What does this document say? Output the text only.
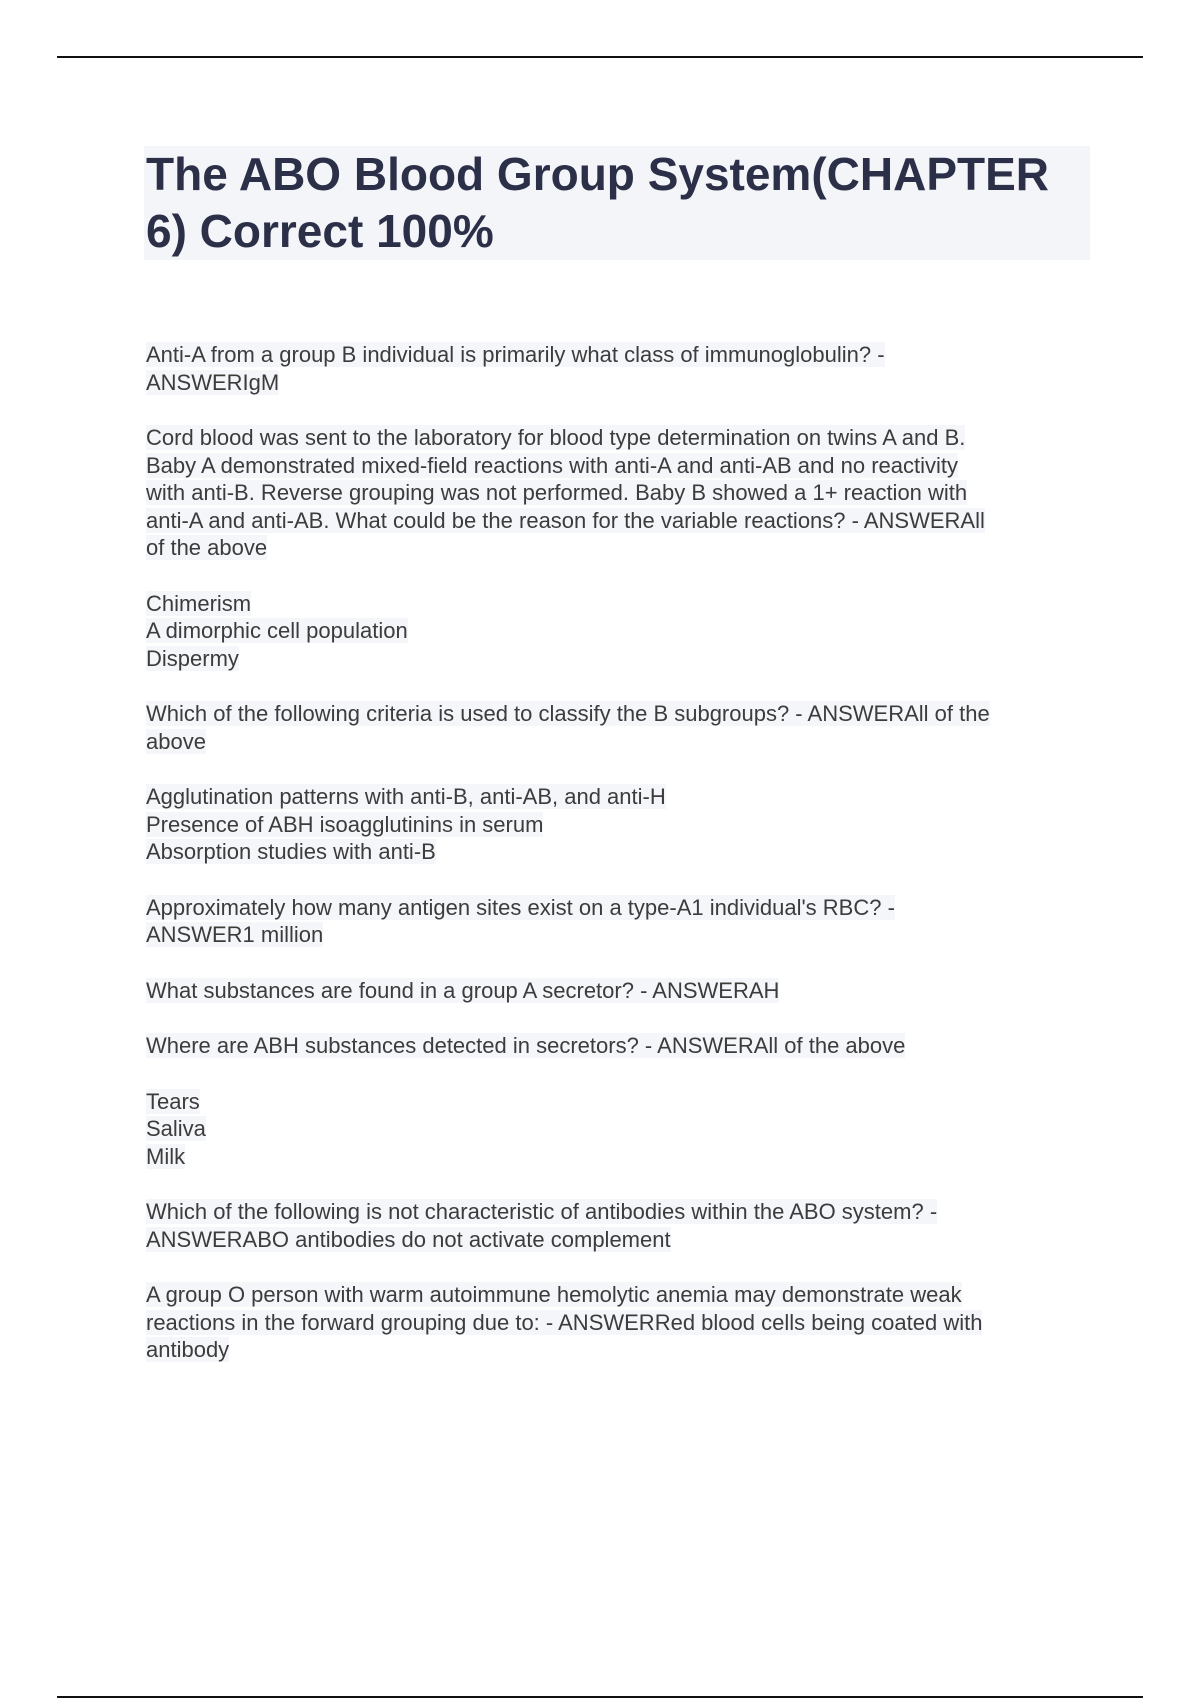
The ABO Blood Group System(CHAPTER 6) Correct 100%
Anti-A from a group B individual is primarily what class of immunoglobulin? -
ANSWERIgM
Cord blood was sent to the laboratory for blood type determination on twins A and B.
Baby A demonstrated mixed-field reactions with anti-A and anti-AB and no reactivity
with anti-B. Reverse grouping was not performed. Baby B showed a 1+ reaction with
anti-A and anti-AB. What could be the reason for the variable reactions? - ANSWERAll
of the above
Chimerism
A dimorphic cell population
Dispermy
Which of the following criteria is used to classify the B subgroups? - ANSWERAll of the
above
Agglutination patterns with anti-B, anti-AB, and anti-H
Presence of ABH isoagglutinins in serum
Absorption studies with anti-B
Approximately how many antigen sites exist on a type-A1 individual's RBC? -
ANSWER1 million
What substances are found in a group A secretor? - ANSWERAH
Where are ABH substances detected in secretors? - ANSWERAll of the above
Tears
Saliva
Milk
Which of the following is not characteristic of antibodies within the ABO system? -
ANSWERABO antibodies do not activate complement
A group O person with warm autoimmune hemolytic anemia may demonstrate weak
reactions in the forward grouping due to: - ANSWERRed blood cells being coated with
antibody
